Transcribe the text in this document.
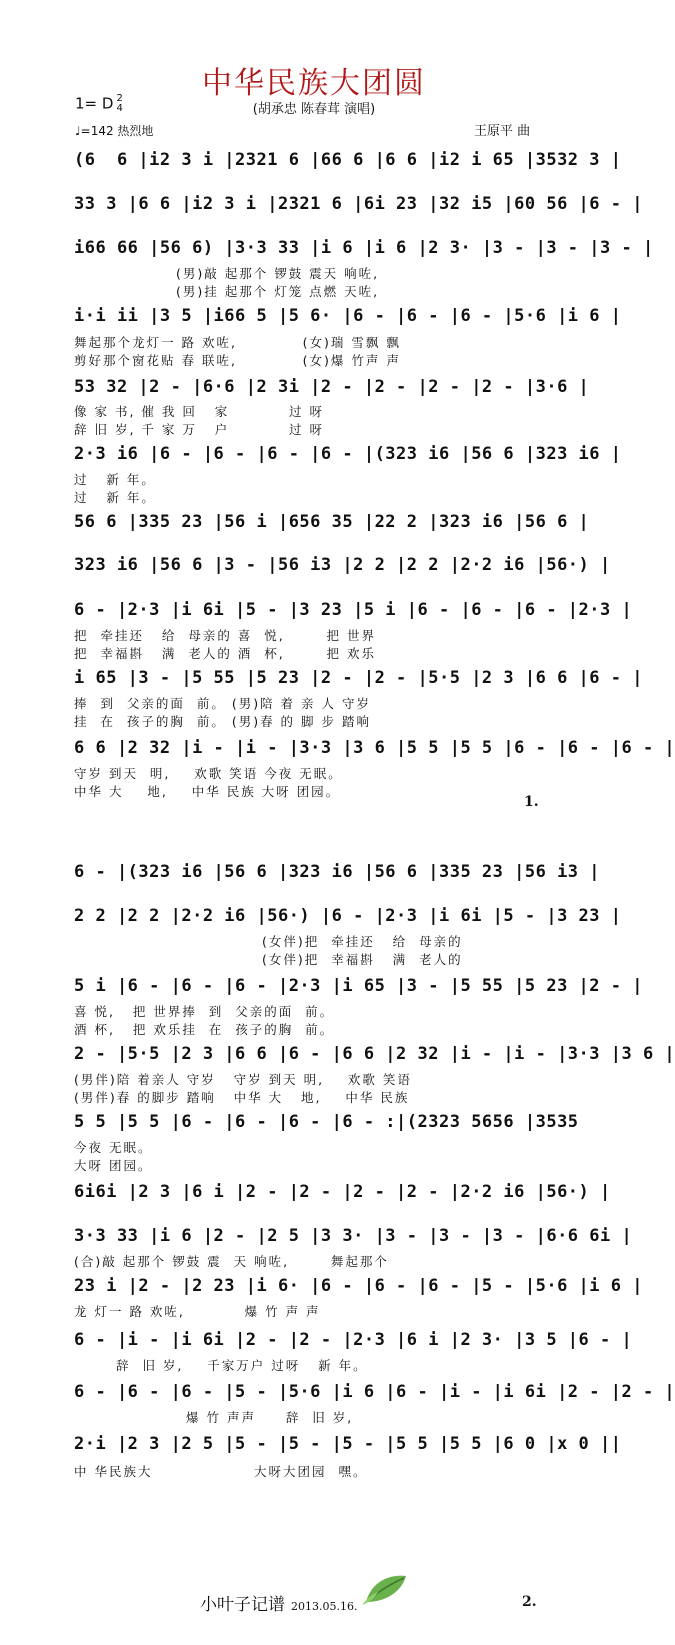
中华民族大团圆
(胡承忠 陈春茸 演唱)
1= D 2
4
♩=142 热烈地	王原平 曲
(6  6 |i2 3 i |2321 6 |66 6 |6 6 |i2 i 65 |3532 3 |
33 3 |6 6 |i2 3 i |2321 6 |6i 23 |32 i5 |60 56 |6 - |
i66 66 |56 6) |3·3 33 |i 6 |i 6 |2 3· |3 - |3 - |3 - |
(男)敲 起那个 锣鼓 震天 响咗,
(男)挂 起那个 灯笼 点燃 天咗,
i·i ii |3 5 |i66 5 |5 6· |6 - |6 - |6 - |5·6 |i 6 |
舞起那个龙灯一 路 欢咗,           (女)瑞 雪飘 飘
剪好那个窗花贴 春 联咗,           (女)爆 竹声 声
53 32 |2 - |6·6 |2 3i |2 - |2 - |2 - |2 - |3·6 |
像 家 书, 催 我 回   家          过 呀
辞 旧 岁, 千 家 万   户          过 呀
2·3 i6 |6 - |6 - |6 - |6 - |(323 i6 |56 6 |323 i6 |
过   新 年。
过   新 年。
56 6 |335 23 |56 i |656 35 |22 2 |323 i6 |56 6 |
323 i6 |56 6 |3 - |56 i3 |2 2 |2 2 |2·2 i6 |56·) |
6 - |2·3 |i 6i |5 - |3 23 |5 i |6 - |6 - |6 - |2·3 |
把  牵挂还   给  母亲的 喜  悦,       把 世界
把  幸福斟   满  老人的 酒  杯,       把 欢乐
i 65 |3 - |5 55 |5 23 |2 - |2 - |5·5 |2 3 |6 6 |6 - |
捧  到  父亲的面  前。 (男)陪 着 亲 人 守岁
挂  在  孩子的胸  前。 (男)春 的 脚 步 踏响
6 6 |2 32 |i - |i - |3·3 |3 6 |5 5 |5 5 |6 - |6 - |6 - |
守岁 到天  明,    欢歌 笑语 今夜 无眠。
中华 大    地,    中华 民族 大呀 团园。
1.
6 - |(323 i6 |56 6 |323 i6 |56 6 |335 23 |56 i3 |
2 2 |2 2 |2·2 i6 |56·) |6 - |2·3 |i 6i |5 - |3 23 |
(女伴)把  牵挂还   给  母亲的
(女伴)把  幸福斟   满  老人的
5 i |6 - |6 - |6 - |2·3 |i 65 |3 - |5 55 |5 23 |2 - |
喜 悦,   把 世界捧  到  父亲的面  前。
酒 杯,   把 欢乐挂  在  孩子的胸  前。
2 - |5·5 |2 3 |6 6 |6 - |6 6 |2 32 |i - |i - |3·3 |3 6 |
(男伴)陪 着亲人 守岁   守岁 到天 明,    欢歌 笑语
(男伴)春 的脚步 踏响   中华 大   地,    中华 民族
5 5 |5 5 |6 - |6 - |6 - |6 - :|(2323 5656 |3535
今夜 无眠。
大呀 团园。
6i6i |2 3 |6 i |2 - |2 - |2 - |2 - |2·2 i6 |56·) |
3·3 33 |i 6 |2 - |2 5 |3 3· |3 - |3 - |3 - |6·6 6i |
(合)敲 起那个 锣鼓 震  天 响咗,       舞起那个
23 i |2 - |2 23 |i 6· |6 - |6 - |6 - |5 - |5·6 |i 6 |
龙 灯一 路 欢咗,          爆 竹 声 声
6 - |i - |i 6i |2 - |2 - |2·3 |6 i |2 3· |3 5 |6 - |
辞  旧 岁,    千家万户 过呀   新 年。
6 - |6 - |6 - |5 - |5·6 |i 6 |6 - |i - |i 6i |2 - |2 - |
爆 竹 声声     辞  旧 岁,
2·i |2 3 |2 5 |5 - |5 - |5 - |5 5 |5 5 |6 0 |x 0 ||
中 华民族大                 大呀大团园  嘿。
小叶子记谱 2013.05.16.	2.
